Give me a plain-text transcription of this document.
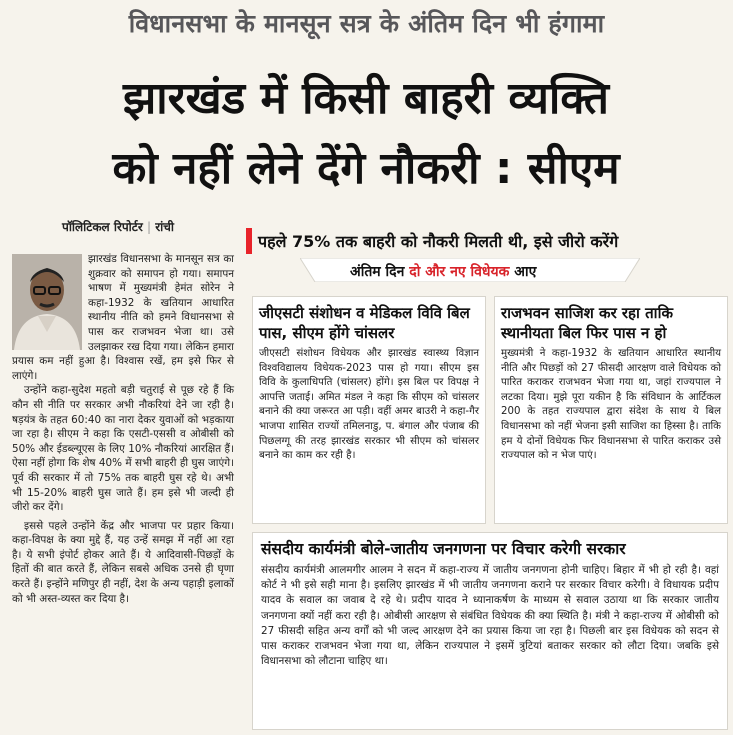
विधानसभा के मानसून सत्र के अंतिम दिन भी हंगामा
झारखंड में किसी बाहरी व्यक्ति
को नहीं लेने देंगे नौकरी : सीएम
पॉलिटिकल रिपोर्टर | रांची

झारखंड विधानसभा के मानसून सत्र का शुक्रवार को समापन हो गया। समापन भाषण में मुख्यमंत्री हेमंत सोरेन ने कहा-1932 के खतियान आधारित स्थानीय नीति को हमने विधानसभा से पास कर राजभवन भेजा था। उसे उलझाकर रख दिया गया। लेकिन हमारा प्रयास कम नहीं हुआ है। विश्वास रखें, हम इसे फिर से लाएंगे।

उन्होंने कहा-सुदेश महतो बड़ी चतुराई से पूछ रहे हैं कि कौन सी नीति पर सरकार अभी नौकरियां देने जा रही है। षड़यंत्र के तहत 60:40 का नारा देकर युवाओं को भड़काया जा रहा है। सीएम ने कहा कि एसटी-एससी व ओबीसी को 50% और ईडब्ल्यूएस के लिए 10% नौकरियां आरक्षित हैं। ऐसा नहीं होगा कि शेष 40% में सभी बाहरी ही घुस जाएंगे। पूर्व की सरकार में तो 75% तक बाहरी घुस रहे थे। अभी भी 15-20% बाहरी घुस जाते हैं। हम इसे भी जल्दी ही जीरो कर देंगे।

इससे पहले उन्होंने केंद्र और भाजपा पर प्रहार किया। कहा-विपक्ष के क्या मुद्दे हैं, यह उन्हें समझ में नहीं आ रहा है। ये सभी इंपोर्ट होकर आते हैं। ये आदिवासी-पिछड़ों के हितों की बात करते हैं, लेकिन सबसे अधिक उनसे ही घृणा करते हैं। इन्होंने मणिपुर ही नहीं, देश के अन्य पहाड़ी इलाकों को भी अस्त-व्यस्त कर दिया है।

पहले 75% तक बाहरी को नौकरी मिलती थी, इसे जीरो करेंगे
अंतिम दिन दो और नए विधेयक आए
जीएसटी संशोधन व मेडिकल विवि बिल पास, सीएम होंगे चांसलर

जीएसटी संशोधन विधेयक और झारखंड स्वास्थ्य विज्ञान विश्वविद्यालय विधेयक-2023 पास हो गया। सीएम इस विवि के कुलाधिपति (चांसलर) होंगे। इस बिल पर विपक्ष ने आपत्ति जताई। अमित मंडल ने कहा कि सीएम को चांसलर बनाने की क्या जरूरत आ पड़ी। वहीं अमर बाउरी ने कहा-गैर भाजपा शासित राज्यों तमिलनाडु, प. बंगाल और पंजाब की पिछलग्गू की तरह झारखंड सरकार भी सीएम को चांसलर बनाने का काम कर रही है।

राजभवन साजिश कर रहा ताकि स्थानीयता बिल फिर पास न हो

मुख्यमंत्री ने कहा-1932 के खतियान आधारित स्थानीय नीति और पिछड़ों को 27 फीसदी आरक्षण वाले विधेयक को पारित कराकर राजभवन भेजा गया था, जहां राज्यपाल ने लटका दिया। मुझे पूरा यकीन है कि संविधान के आर्टिकल 200 के तहत राज्यपाल द्वारा संदेश के साथ ये बिल विधानसभा को नहीं भेजना इसी साजिश का हिस्सा है। ताकि हम ये दोनों विधेयक फिर विधानसभा से पारित कराकर उसे राज्यपाल को न भेज पाएं।

संसदीय कार्यमंत्री बोले-जातीय जनगणना पर विचार करेगी सरकार

संसदीय कार्यमंत्री आलमगीर आलम ने सदन में कहा-राज्य में जातीय जनगणना होनी चाहिए। बिहार में भी हो रही है। वहां कोर्ट ने भी इसे सही माना है। इसलिए झारखंड में भी जातीय जनगणना कराने पर सरकार विचार करेगी। वे विधायक प्रदीप यादव के सवाल का जवाब दे रहे थे। प्रदीप यादव ने ध्यानाकर्षण के माध्यम से सवाल उठाया था कि सरकार जातीय जनगणना क्यों नहीं करा रही है। ओबीसी आरक्षण से संबंधित विधेयक की क्या स्थिति है। मंत्री ने कहा-राज्य में ओबीसी को 27 फीसदी सहित अन्य वर्गों को भी जल्द आरक्षण देने का प्रयास किया जा रहा है। पिछली बार इस विधेयक को सदन से पास कराकर राजभवन भेजा गया था, लेकिन राज्यपाल ने इसमें त्रुटियां बताकर सरकार को लौटा दिया। जबकि इसे विधानसभा को लौटाना चाहिए था।
